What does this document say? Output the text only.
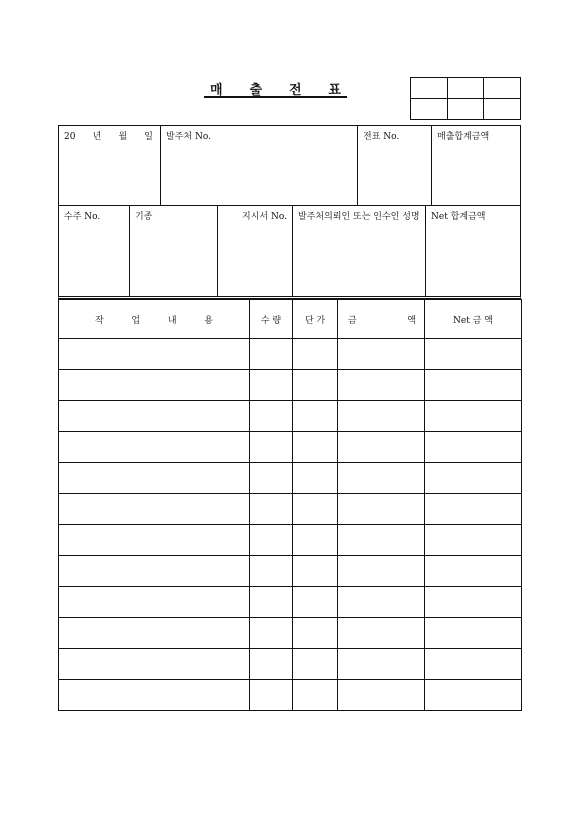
매 출 전 표

20 년 월 일	발주처 No.	전표 No.	매출합계금액
수주 No.	기종	지시서 No.	발주처의뢰인 또는 인수인 성명	Net 합계금액
작 업 내 용	수 량	단 가	금 액	Net 금 액
